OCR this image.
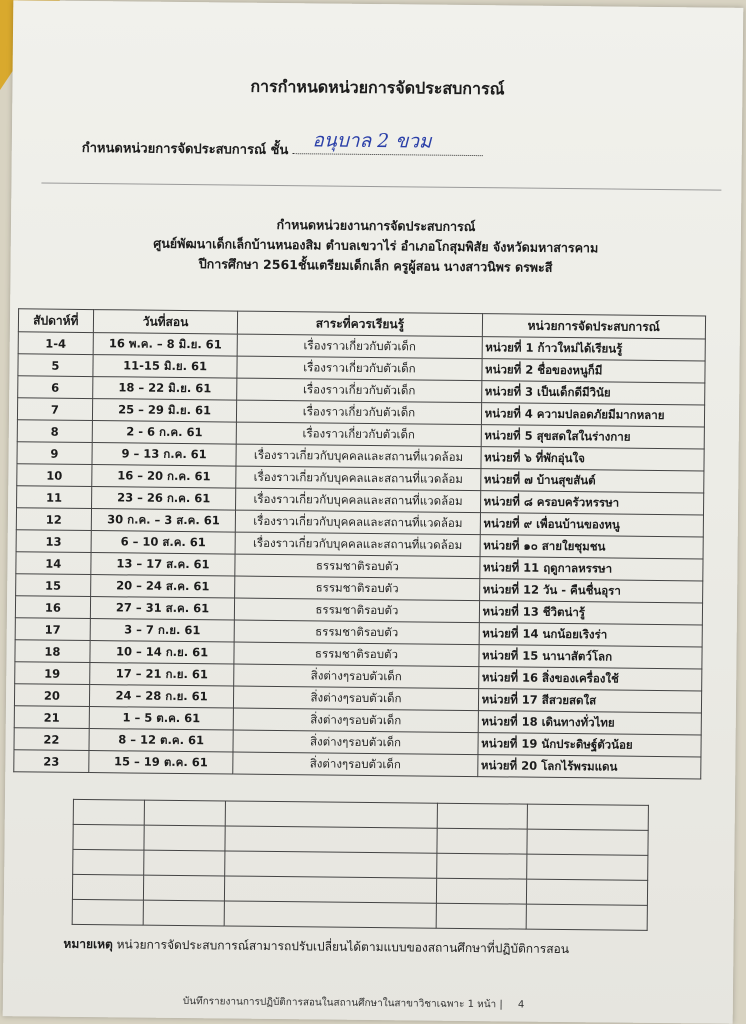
การกำหนดหน่วยการจัดประสบการณ์
กำหนดหน่วยการจัดประสบการณ์ ชั้น อนุบาล 2 ขวม
กำหนดหน่วยงานการจัดประสบการณ์
ศูนย์พัฒนาเด็กเล็กบ้านหนองสิม ตำบลเขวาไร่ อำเภอโกสุมพิสัย จังหวัดมหาสารคาม
ปีการศึกษา 2561ชั้นเตรียมเด็กเล็ก ครูผู้สอน นางสาวนิพร ดรพะสี
สัปดาห์ที่	วันที่สอน	สาระที่ควรเรียนรู้	หน่วยการจัดประสบการณ์
1-4	16 พ.ค. – 8 มิ.ย. 61	เรื่องราวเกี่ยวกับตัวเด็ก	หน่วยที่ 1 ก้าวใหม่ได้เรียนรู้
5	11-15 มิ.ย. 61	เรื่องราวเกี่ยวกับตัวเด็ก	หน่วยที่ 2 ชื่อของหนูก็มี
6	18 – 22 มิ.ย. 61	เรื่องราวเกี่ยวกับตัวเด็ก	หน่วยที่ 3 เป็นเด็กดีมีวินัย
7	25 – 29 มิ.ย. 61	เรื่องราวเกี่ยวกับตัวเด็ก	หน่วยที่ 4 ความปลอดภัยมีมากหลาย
8	2 - 6 ก.ค. 61	เรื่องราวเกี่ยวกับตัวเด็ก	หน่วยที่ 5 สุขสดใสในร่างกาย
9	9 – 13 ก.ค. 61	เรื่องราวเกี่ยวกับบุคคลและสถานที่แวดล้อม	หน่วยที่ ๖ ที่พักอุ่นใจ
10	16 – 20 ก.ค. 61	เรื่องราวเกี่ยวกับบุคคลและสถานที่แวดล้อม	หน่วยที่ ๗ บ้านสุขสันต์
11	23 – 26 ก.ค. 61	เรื่องราวเกี่ยวกับบุคคลและสถานที่แวดล้อม	หน่วยที่ ๘ ครอบครัวหรรษา
12	30 ก.ค. – 3 ส.ค. 61	เรื่องราวเกี่ยวกับบุคคลและสถานที่แวดล้อม	หน่วยที่ ๙ เพื่อนบ้านของหนู
13	6 – 10 ส.ค. 61	เรื่องราวเกี่ยวกับบุคคลและสถานที่แวดล้อม	หน่วยที่ ๑๐ สายใยชุมชน
14	13 – 17 ส.ค. 61	ธรรมชาติรอบตัว	หน่วยที่ 11 ฤดูกาลหรรษา
15	20 – 24 ส.ค. 61	ธรรมชาติรอบตัว	หน่วยที่ 12 วัน - คืนชื่นอุรา
16	27 – 31 ส.ค. 61	ธรรมชาติรอบตัว	หน่วยที่ 13 ชีวิตน่ารู้
17	3 – 7 ก.ย. 61	ธรรมชาติรอบตัว	หน่วยที่ 14 นกน้อยเริงร่า
18	10 – 14 ก.ย. 61	ธรรมชาติรอบตัว	หน่วยที่ 15 นานาสัตว์โลก
19	17 – 21 ก.ย. 61	สิ่งต่างๆรอบตัวเด็ก	หน่วยที่ 16 สิ่งของเครื่องใช้
20	24 – 28 ก.ย. 61	สิ่งต่างๆรอบตัวเด็ก	หน่วยที่ 17 สีสวยสดใส
21	1 – 5 ต.ค. 61	สิ่งต่างๆรอบตัวเด็ก	หน่วยที่ 18 เดินทางทั่วไทย
22	8 – 12 ต.ค. 61	สิ่งต่างๆรอบตัวเด็ก	หน่วยที่ 19 นักประดิษฐ์ตัวน้อย
23	15 – 19 ต.ค. 61	สิ่งต่างๆรอบตัวเด็ก	หน่วยที่ 20 โลกไร้พรมแดน

หมายเหตุ หน่วยการจัดประสบการณ์สามารถปรับเปลี่ยนได้ตามแบบของสถานศึกษาที่ปฏิบัติการสอน
บันทึกรายงานการปฏิบัติการสอนในสถานศึกษาในสาขาวิชาเฉพาะ 1 หน้า | 4
